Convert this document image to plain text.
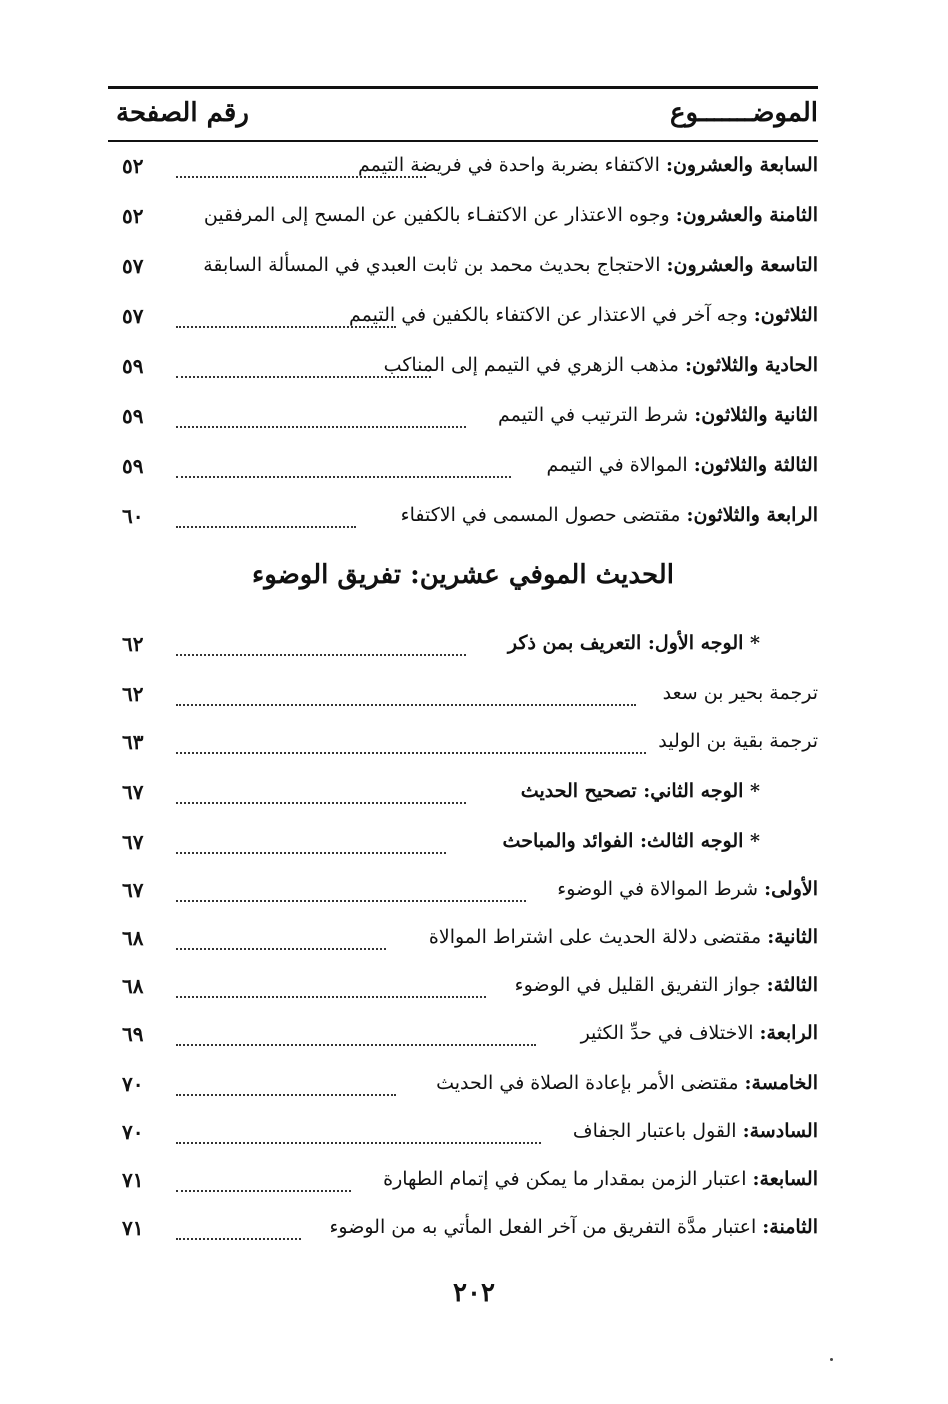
الموضـــــــوع
رقم الصفحة
السابعة والعشرون: الاكتفاء بضربة واحدة في فريضة التيمم
٥٢
الثامنة والعشرون: وجوه الاعتذار عن الاكتفـاء بالكفين عن المسح إلى المرفقين
٥٢
التاسعة والعشرون: الاحتجاج بحديث محمد بن ثابت العبدي في المسألة السابقة
٥٧
الثلاثون: وجه آخر في الاعتذار عن الاكتفاء بالكفين في التيمم
٥٧
الحادية والثلاثون: مذهب الزهري في التيمم إلى المناكب
٥٩
الثانية والثلاثون: شرط الترتيب في التيمم
٥٩
الثالثة والثلاثون: الموالاة في التيمم
٥٩
الرابعة والثلاثون: مقتضى حصول المسمى في الاكتفاء
٦٠
الحديث الموفي عشرين: تفريق الوضوء
* الوجه الأول: التعريف بمن ذكر
٦٢
ترجمة بحير بن سعد
٦٢
ترجمة بقية بن الوليد
٦٣
* الوجه الثاني: تصحيح الحديث
٦٧
* الوجه الثالث: الفوائد والمباحث
٦٧
الأولى: شرط الموالاة في الوضوء
٦٧
الثانية: مقتضى دلالة الحديث على اشتراط الموالاة
٦٨
الثالثة: جواز التفريق القليل في الوضوء
٦٨
الرابعة: الاختلاف في حدِّ الكثير
٦٩
الخامسة: مقتضى الأمر بإعادة الصلاة في الحديث
٧٠
السادسة: القول باعتبار الجفاف
٧٠
السابعة: اعتبار الزمن بمقدار ما يمكن في إتمام الطهارة
٧١
الثامنة: اعتبار مدَّة التفريق من آخر الفعل المأتي به من الوضوء
٧١
٢٠٢
